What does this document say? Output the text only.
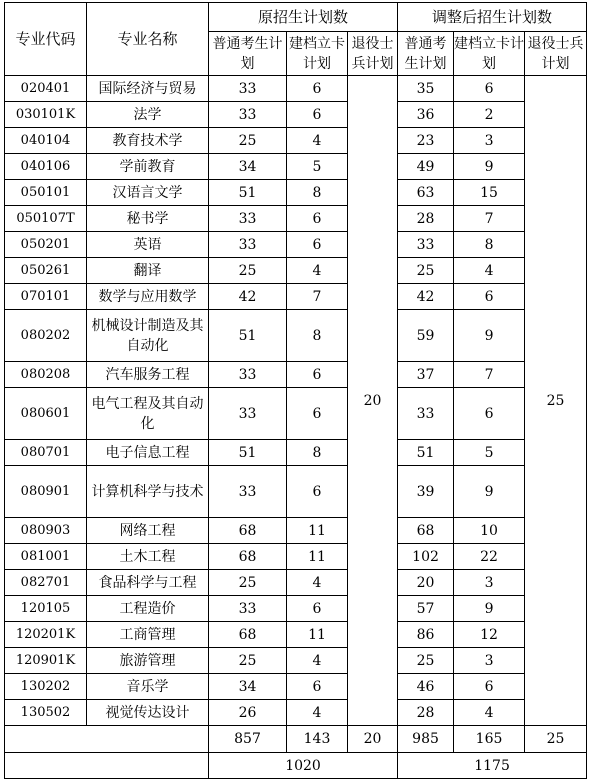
专业代码	专业名称	原招生计划数			调整后招生计划数		
		普通考生计划	建档立卡计划	退役士兵计划	普通考生计划	建档立卡计划	退役士兵计划
020401	国际经济与贸易	33	6	20	35	6	25
030101K	法学	33	6		36	2	
040104	教育技术学	25	4		23	3	
040106	学前教育	34	5		49	9	
050101	汉语言文学	51	8		63	15	
050107T	秘书学	33	6		28	7	
050201	英语	33	6		33	8	
050261	翻译	25	4		25	4	
070101	数学与应用数学	42	7		42	6	
080202	机械设计制造及其自动化	51	8		59	9	
080208	汽车服务工程	33	6		37	7	
080601	电气工程及其自动化	33	6		33	6	
080701	电子信息工程	51	8		51	5	
080901	计算机科学与技术	33	6		39	9	
080903	网络工程	68	11		68	10	
081001	土木工程	68	11		102	22	
082701	食品科学与工程	25	4		20	3	
120105	工程造价	33	6		57	9	
120201K	工商管理	68	11		86	12	
120901K	旅游管理	25	4		25	3	
130202	音乐学	34	6		46	6	
130502	视觉传达设计	26	4		28	4	
		857	143	20	985	165	25
		1020			1175		
